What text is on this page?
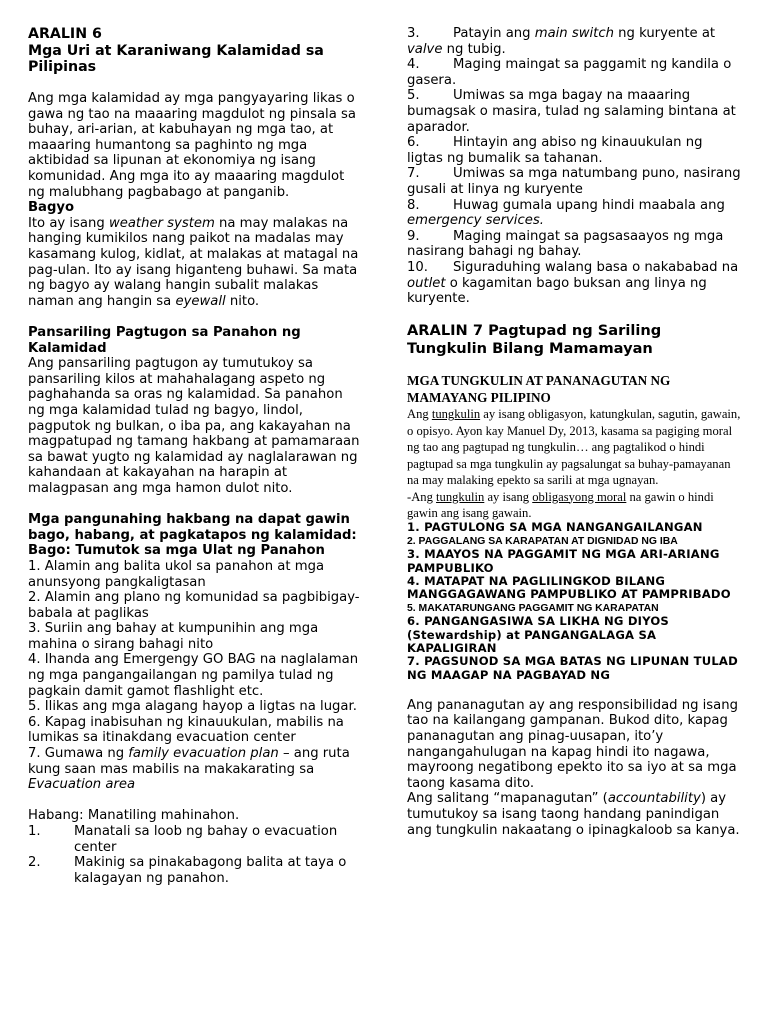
ARALIN 6

Mga Uri at Karaniwang Kalamidad sa Pilipinas

Ang mga kalamidad ay mga pangyayaring likas o gawa ng tao na maaaring magdulot ng pinsala sa buhay, ari-arian, at kabuhayan ng mga tao, at maaaring humantong sa paghinto ng mga aktibidad sa lipunan at ekonomiya ng isang komunidad. Ang mga ito ay maaaring magdulot ng malubhang pagbabago at panganib.

Bagyo

Ito ay isang weather system na may malakas na hanging kumikilos nang paikot na madalas may kasamang kulog, kidlat, at malakas at matagal na pag-ulan. Ito ay isang higanteng buhawi. Sa mata ng bagyo ay walang hangin subalit malakas naman ang hangin sa eyewall nito.

Pansariling Pagtugon sa Panahon ng Kalamidad

Ang pansariling pagtugon ay tumutukoy sa pansariling kilos at mahahalagang aspeto ng paghahanda sa oras ng kalamidad. Sa panahon ng mga kalamidad tulad ng bagyo, lindol, pagputok ng bulkan, o iba pa, ang kakayahan na magpatupad ng tamang hakbang at pamamaraan sa bawat yugto ng kalamidad ay naglalarawan ng kahandaan at kakayahan na harapin at malagpasan ang mga hamon dulot nito.

Mga pangunahing hakbang na dapat gawin bago, habang, at pagkatapos ng kalamidad:

Bago: Tumutok sa mga Ulat ng Panahon

1. Alamin ang balita ukol sa panahon at mga anunsyong pangkaligtasan

2. Alamin ang plano ng komunidad sa pagbibigay-babala at paglikas

3. Suriin ang bahay at kumpunihin ang mga mahina o sirang bahagi nito

4. Ihanda ang Emergengy GO BAG na naglalaman ng mga pangangailangan ng pamilya tulad ng pagkain damit gamot flashlight etc.

5. Ilikas ang mga alagang hayop a ligtas na lugar.

6. Kapag inabisuhan ng kinauukulan, mabilis na lumikas sa itinakdang evacuation center

7. Gumawa ng family evacuation plan – ang ruta kung saan mas mabilis na makakarating sa Evacuation area

Habang: Manatiling mahinahon.

1.	Manatali sa loob ng bahay o evacuation center
2.	Makinig sa pinakabagong balita at taya o kalagayan ng panahon.

3.	Patayin ang main switch ng kuryente at valve ng tubig.

4.	Maging maingat sa paggamit ng kandila o gasera.

5.	Umiwas sa mga bagay na maaaring bumagsak o masira, tulad ng salaming bintana at aparador.

6.	Hintayin ang abiso ng kinauukulan ng ligtas ng bumalik sa tahanan.

7.	Umiwas sa mga natumbang puno, nasirang gusali at linya ng kuryente

8.	Huwag gumala upang hindi maabala ang emergency services.

9.	Maging maingat sa pagsasaayos ng mga nasirang bahagi ng bahay.

10. Siguraduhing walang basa o nakababad na outlet o kagamitan bago buksan ang linya ng kuryente.

ARALIN 7 Pagtupad ng Sariling Tungkulin Bilang Mamamayan

MGA TUNGKULIN AT PANANAGUTAN NG MAMAYANG PILIPINO

Ang tungkulin ay isang obligasyon, katungkulan, sagutin, gawain, o opisyo. Ayon kay Manuel Dy, 2013, kasama sa pagiging moral ng tao ang pagtupad ng tungkulin… ang pagtalikod o hindi pagtupad sa mga tungkulin ay pagsalungat sa buhay-pamayanan na may malaking epekto sa sarili at mga ugnayan.

-Ang tungkulin ay isang obligasyong moral na gawin o hindi gawin ang isang gawain.

1. PAGTULONG SA MGA NANGANGAILANGAN

2. PAGGALANG SA KARAPATAN AT DIGNIDAD NG IBA

3. MAAYOS NA PAGGAMIT NG MGA ARI-ARIANG PAMPUBLIKO

4. MATAPAT NA PAGLILINGKOD BILANG MANGGAGAWANG PAMPUBLIKO AT PAMPRIBADO

5. MAKATARUNGANG PAGGAMIT NG KARAPATAN

6. PANGANGASIWA SA LIKHA NG DIYOS (Stewardship) at PANGANGALAGA SA KAPALIGIRAN

7. PAGSUNOD SA MGA BATAS NG LIPUNAN TULAD NG MAAGAP NA PAGBAYAD NG

Ang pananagutan ay ang responsibilidad ng isang tao na kailangang gampanan. Bukod dito, kapag pananagutan ang pinag-uusapan, ito’y nangangahulugan na kapag hindi ito nagawa, mayroong negatibong epekto ito sa iyo at sa mga taong kasama dito.

Ang salitang “mapanagutan” (accountability) ay tumutukoy sa isang taong handang panindigan ang tungkulin nakaatang o ipinagkaloob sa kanya.
